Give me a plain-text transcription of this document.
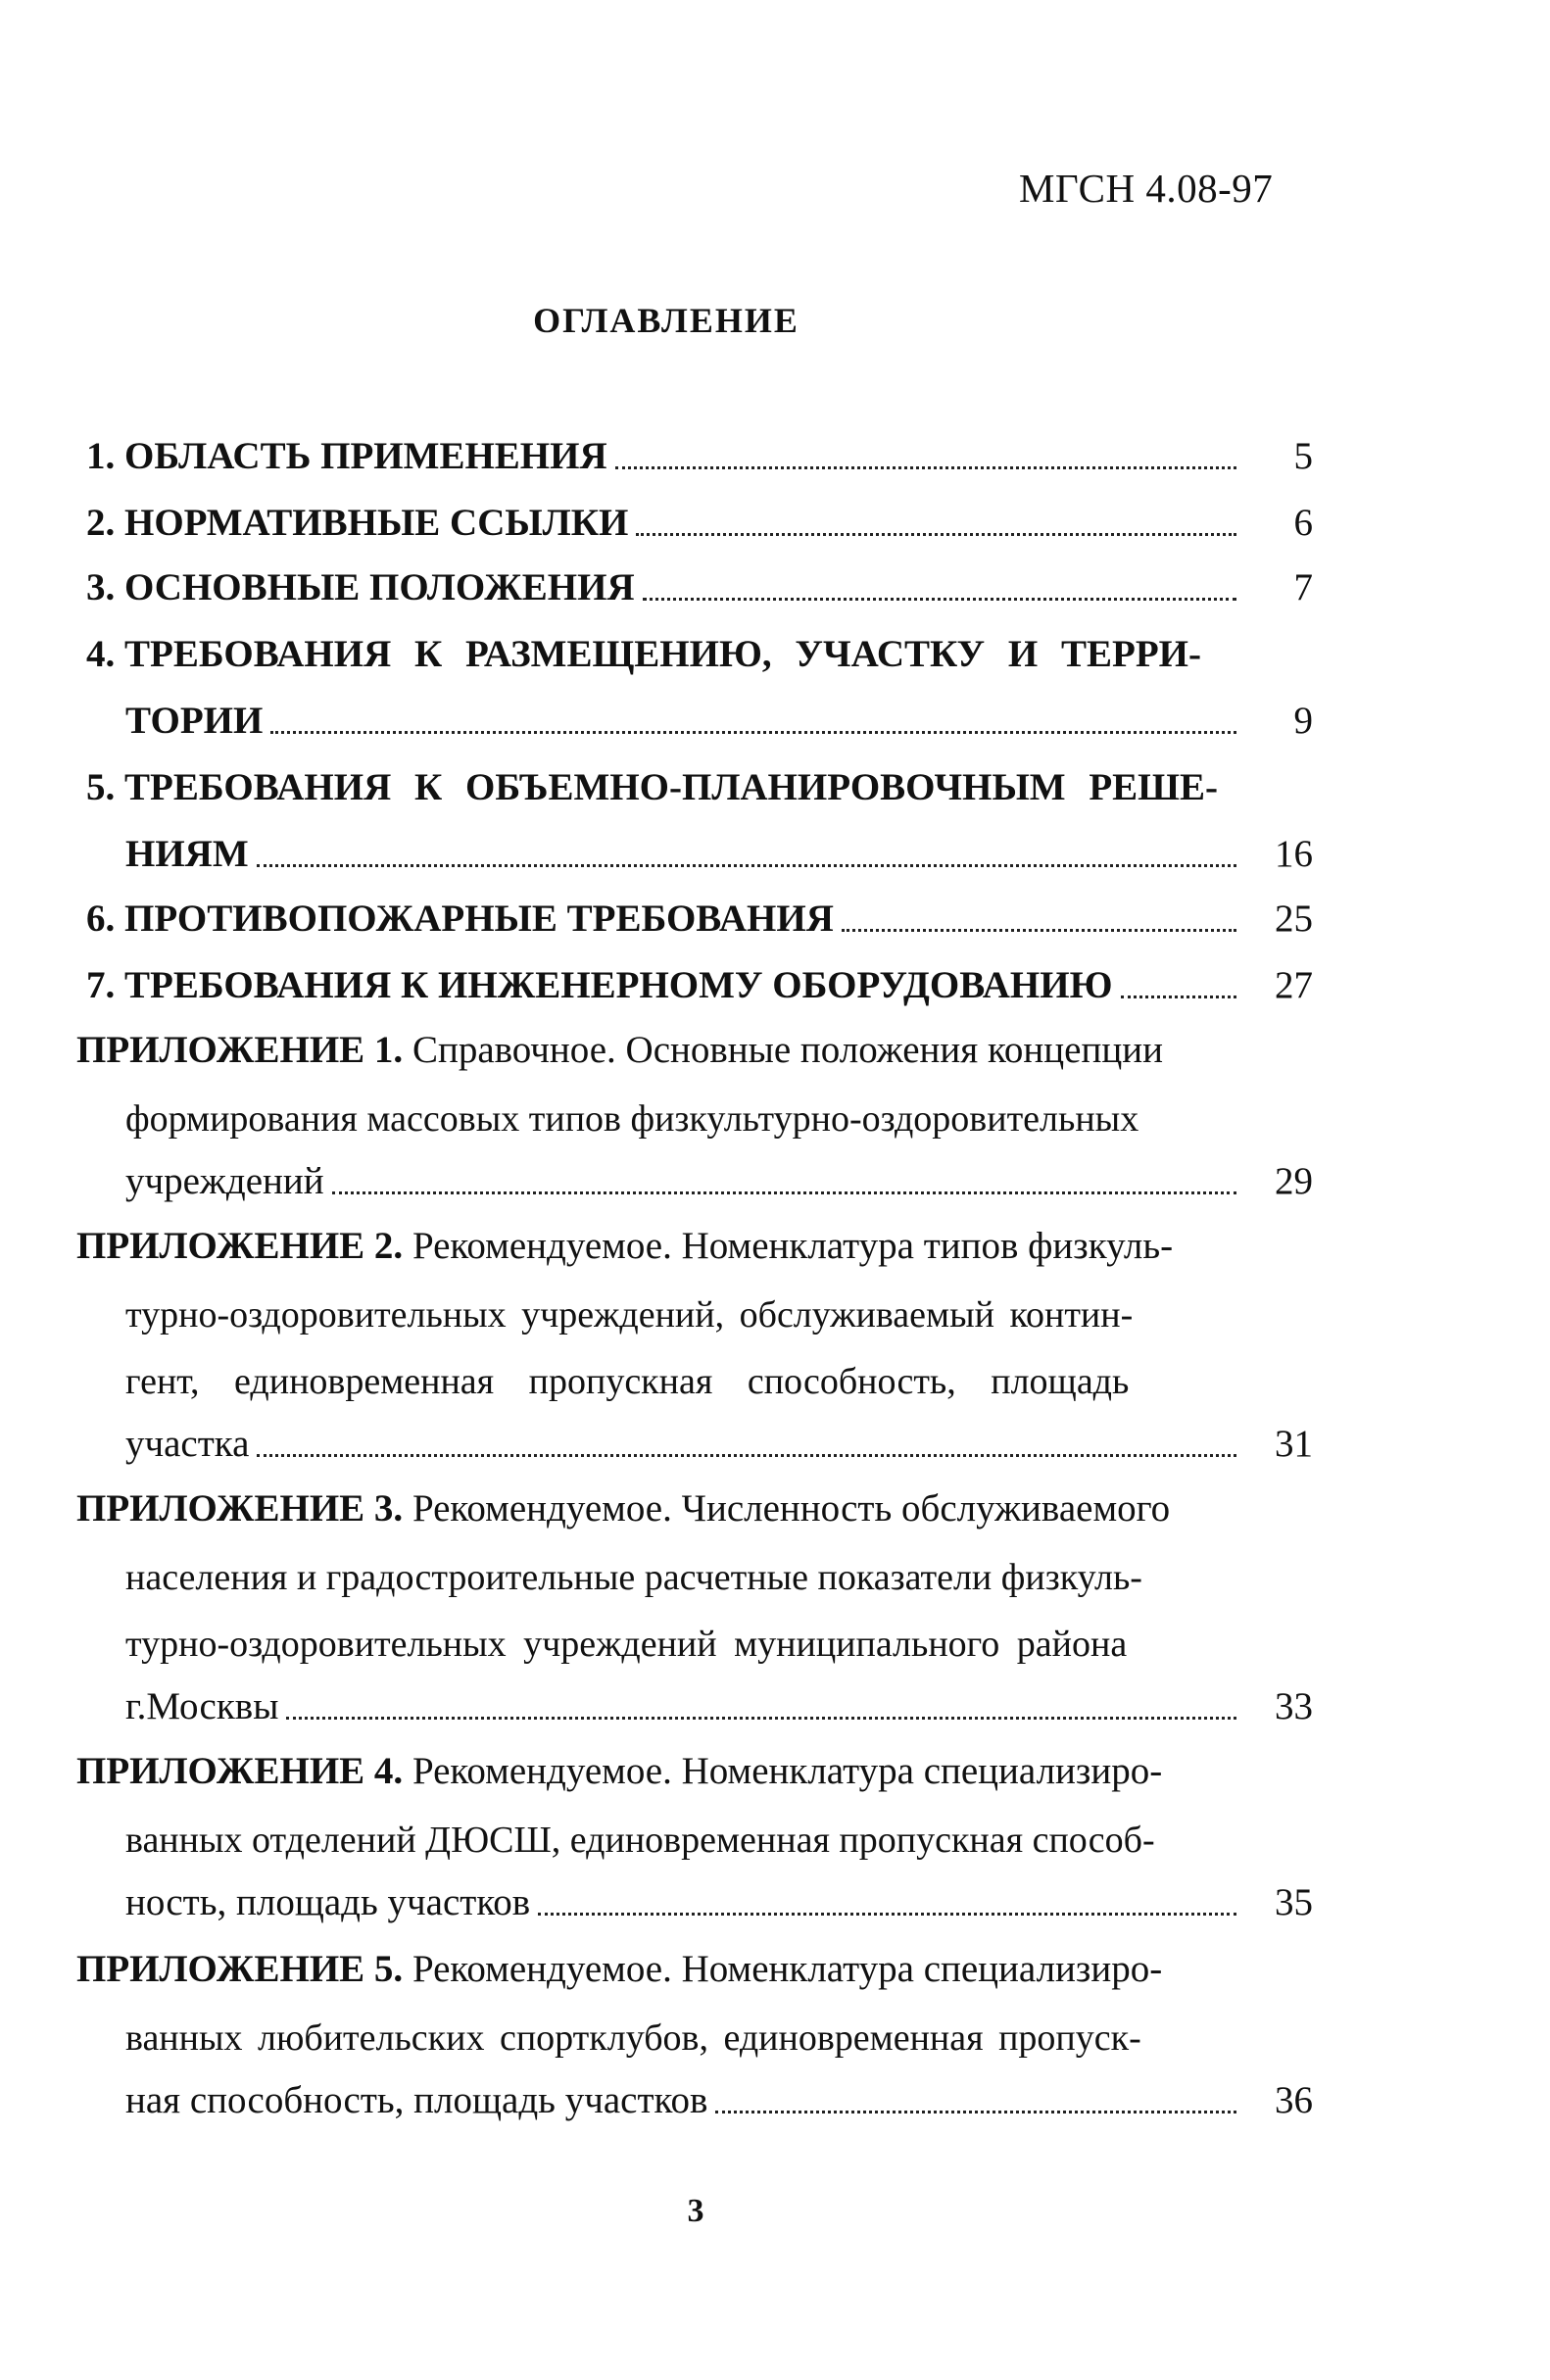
МГСН 4.08-97
ОГЛАВЛЕНИЕ
1.
ОБЛАСТЬ ПРИМЕНЕНИЯ	5
2.
НОРМАТИВНЫЕ ССЫЛКИ	6
3.
ОСНОВНЫЕ ПОЛОЖЕНИЯ	7
4.
ТРЕБОВАНИЯ К РАЗМЕЩЕНИЮ, УЧАСТКУ И ТЕРРИ-
ТОРИИ	9
5.
ТРЕБОВАНИЯ К ОБЪЕМНО-ПЛАНИРОВОЧНЫМ РЕШЕ-
НИЯМ	16
6.
ПРОТИВОПОЖАРНЫЕ ТРЕБОВАНИЯ	25
7.
ТРЕБОВАНИЯ К ИНЖЕНЕРНОМУ ОБОРУДОВАНИЮ	27
ПРИЛОЖЕНИЕ 1.
Справочное. Основные положения концепции
формирования массовых типов физкультурно-оздоровительных
учреждений	29
ПРИЛОЖЕНИЕ 2.
Рекомендуемое. Номенклатура типов физкуль-
турно-оздоровительных учреждений, обслуживаемый контин-
гент, единовременная пропускная способность, площадь
участка	31
ПРИЛОЖЕНИЕ 3.
Рекомендуемое. Численность обслуживаемого
населения и градостроительные расчетные показатели физкуль-
турно-оздоровительных учреждений муниципального района
г.Москвы	33
ПРИЛОЖЕНИЕ 4.
Рекомендуемое. Номенклатура специализиро-
ванных отделений ДЮСШ, единовременная пропускная способ-
ность, площадь участков	35
ПРИЛОЖЕНИЕ 5.
Рекомендуемое. Номенклатура специализиро-
ванных любительских спортклубов, единовременная пропуск-
ная способность, площадь участков	36
3
